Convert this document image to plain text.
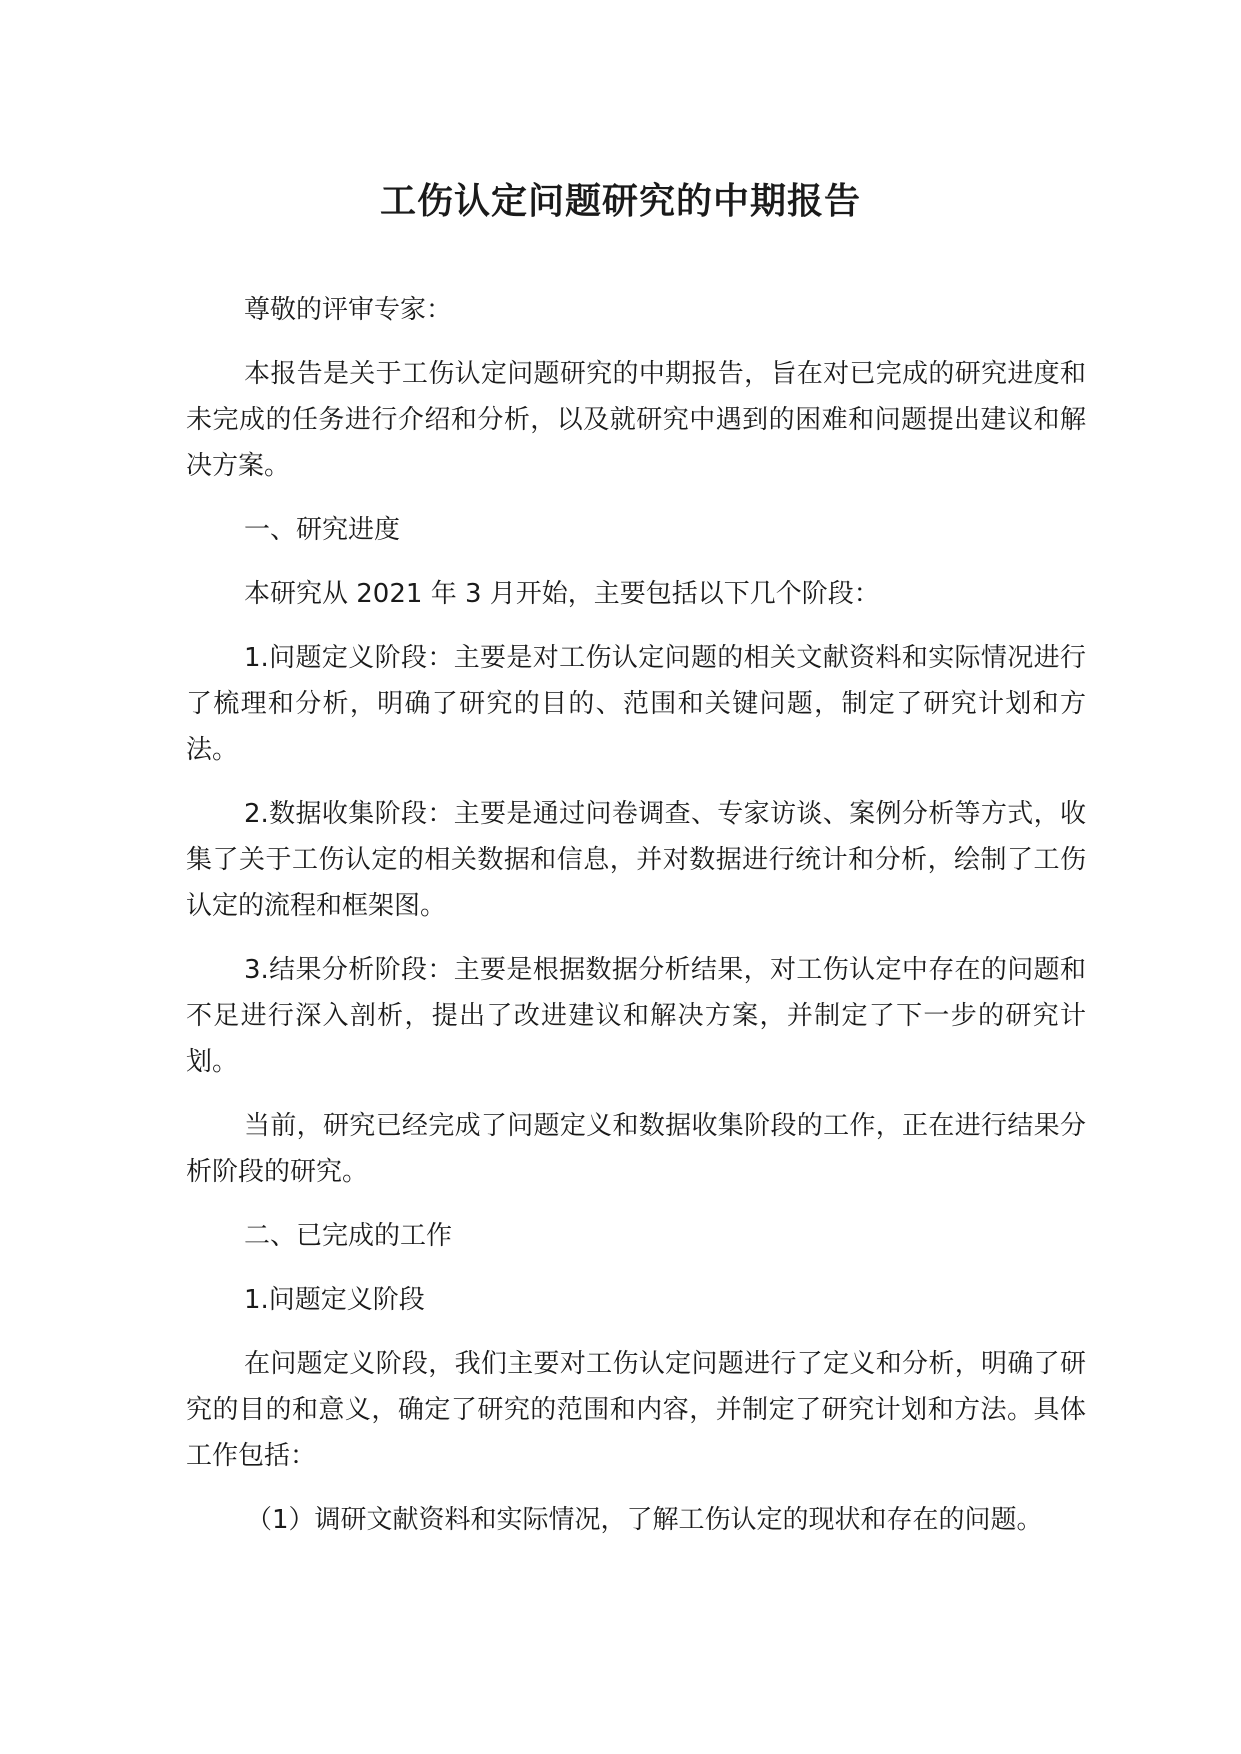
工伤认定问题研究的中期报告

尊敬的评审专家：

本报告是关于工伤认定问题研究的中期报告，旨在对已完成的研究进度和未完成的任务进行介绍和分析，以及就研究中遇到的困难和问题提出建议和解决方案。

一、研究进度

本研究从 2021 年 3 月开始，主要包括以下几个阶段：

1.问题定义阶段：主要是对工伤认定问题的相关文献资料和实际情况进行了梳理和分析，明确了研究的目的、范围和关键问题，制定了研究计划和方法。

2.数据收集阶段：主要是通过问卷调查、专家访谈、案例分析等方式，收集了关于工伤认定的相关数据和信息，并对数据进行统计和分析，绘制了工伤认定的流程和框架图。

3.结果分析阶段：主要是根据数据分析结果，对工伤认定中存在的问题和不足进行深入剖析，提出了改进建议和解决方案，并制定了下一步的研究计划。

当前，研究已经完成了问题定义和数据收集阶段的工作，正在进行结果分析阶段的研究。

二、已完成的工作

1.问题定义阶段

在问题定义阶段，我们主要对工伤认定问题进行了定义和分析，明确了研究的目的和意义，确定了研究的范围和内容，并制定了研究计划和方法。具体工作包括：

（1）调研文献资料和实际情况，了解工伤认定的现状和存在的问题。
